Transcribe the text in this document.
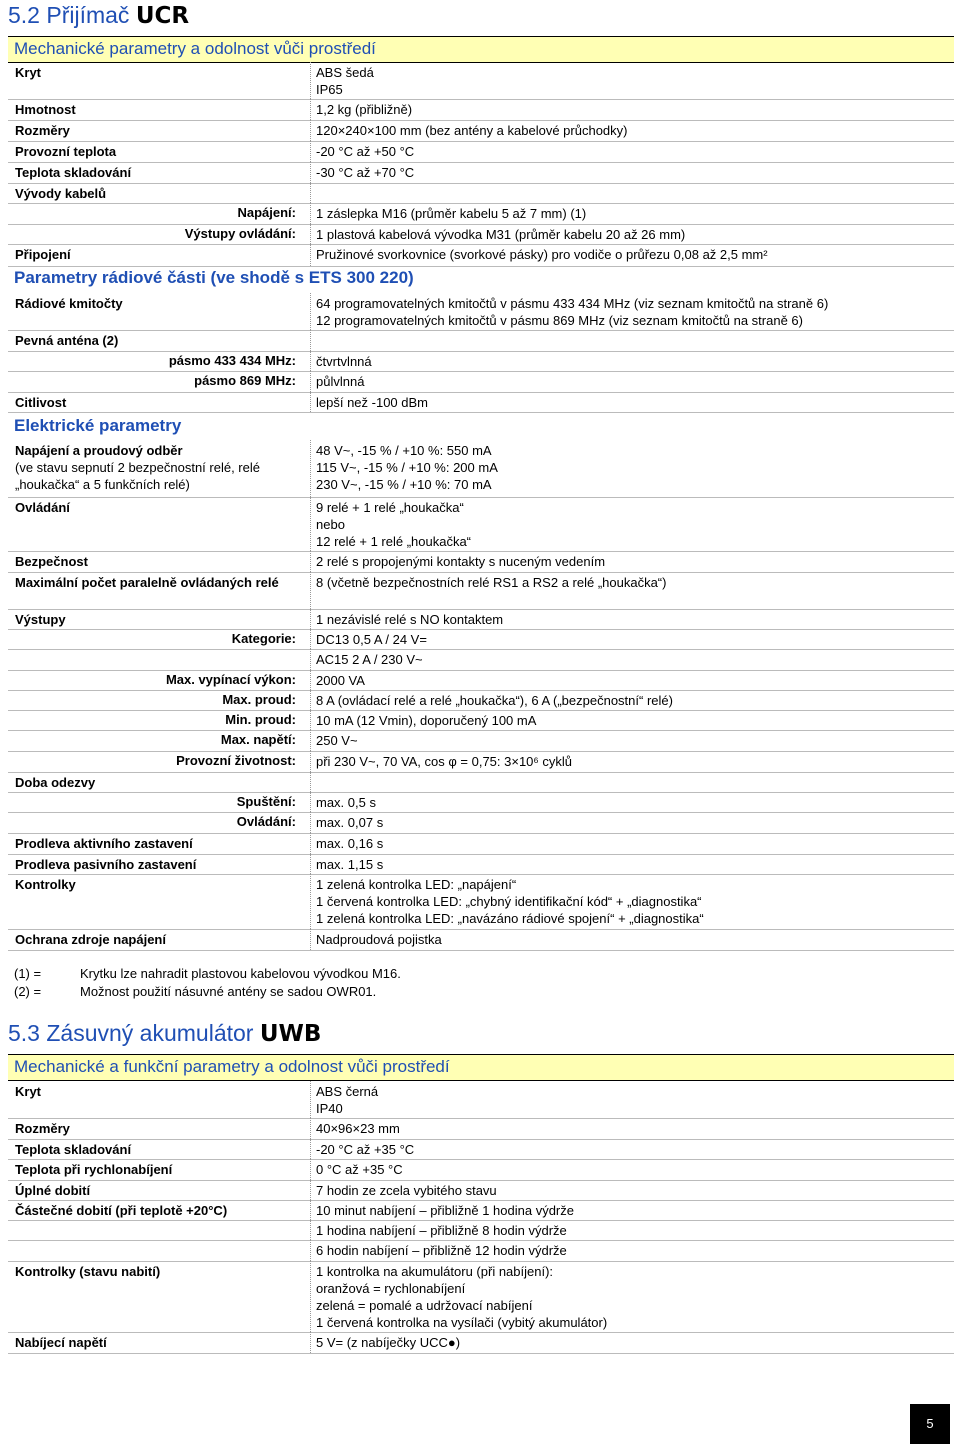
5.2 Přijímač UCR
Mechanické parametry a odolnost vůči prostředí
Kryt	ABS šedá
IP65
Hmotnost	1,2 kg (přibližně)
Rozměry	120×240×100 mm (bez antény a kabelové průchodky)
Provozní teplota	-20 °C až +50 °C
Teplota skladování	-30 °C až +70 °C
Vývody kabelů
Napájení: 1 záslepka M16 (průměr kabelu 5 až 7 mm) (1)
Výstupy ovládání: 1 plastová kabelová vývodka M31 (průměr kabelu 20 až 26 mm)
Připojení	Pružinové svorkovnice (svorkové pásky) pro vodiče o průřezu 0,08 až 2,5 mm²
Parametry rádiové části (ve shodě s ETS 300 220)
Rádiové kmitočty	64 programovatelných kmitočtů v pásmu 433 434 MHz (viz seznam kmitočtů na straně 6)
12 programovatelných kmitočtů v pásmu 869 MHz (viz seznam kmitočtů na straně 6)
Pevná anténa (2)
pásmo 433 434 MHz: čtvrtvlnná
pásmo 869 MHz: půlvlnná
Citlivost	lepší než -100 dBm
Elektrické parametry
Napájení a proudový odběr
(ve stavu sepnutí 2 bezpečnostní relé, relé „houkačka“ a 5 funkčních relé)
48 V~, -15 % / +10 %: 550 mA
115 V~, -15 % / +10 %: 200 mA
230 V~, -15 % / +10 %: 70 mA
Ovládání	9 relé + 1 relé „houkačka“
nebo
12 relé + 1 relé „houkačka“
Bezpečnost	2 relé s propojenými kontakty s nuceným vedením
Maximální počet paralelně ovládaných relé	8 (včetně bezpečnostních relé RS1 a RS2 a relé „houkačka“)
Výstupy	1 nezávislé relé s NO kontaktem
Kategorie: DC13 0,5 A / 24 V=
AC15 2 A / 230 V~
Max. vypínací výkon: 2000 VA
Max. proud: 8 A (ovládací relé a relé „houkačka“), 6 A („bezpečnostní“ relé)
Min. proud: 10 mA (12 Vmin), doporučený 100 mA
Max. napětí: 250 V~
Provozní životnost: při 230 V~, 70 VA, cos φ = 0,75: 3×10⁶ cyklů
Doba odezvy
Spuštění: max. 0,5 s
Ovládání: max. 0,07 s
Prodleva aktivního zastavení	max. 0,16 s
Prodleva pasivního zastavení	max. 1,15 s
Kontrolky	1 zelená kontrolka LED: „napájení“
1 červená kontrolka LED: „chybný identifikační kód“ + „diagnostika“
1 zelená kontrolka LED: „navázáno rádiové spojení“ + „diagnostika“
Ochrana zdroje napájení	Nadproudová pojistka
(1) =	Krytku lze nahradit plastovou kabelovou vývodkou M16.
(2) =	Možnost použití násuvné antény se sadou OWR01.
5.3 Zásuvný akumulátor UWB
Mechanické a funkční parametry a odolnost vůči prostředí
Kryt	ABS černá
IP40
Rozměry	40×96×23 mm
Teplota skladování	-20 °C až +35 °C
Teplota při rychlonabíjení	0 °C až +35 °C
Úplné dobití	7 hodin ze zcela vybitého stavu
Částečné dobití (při teplotě +20°C)	10 minut nabíjení – přibližně 1 hodina výdrže
1 hodina nabíjení – přibližně 8 hodin výdrže
6 hodin nabíjení – přibližně 12 hodin výdrže
Kontrolky (stavu nabití)	1 kontrolka na akumulátoru (při nabíjení):
oranžová = rychlonabíjení
zelená = pomalé a udržovací nabíjení
1 červená kontrolka na vysílači (vybitý akumulátor)
Nabíjecí napětí	5 V= (z nabíječky UCC●)
5
